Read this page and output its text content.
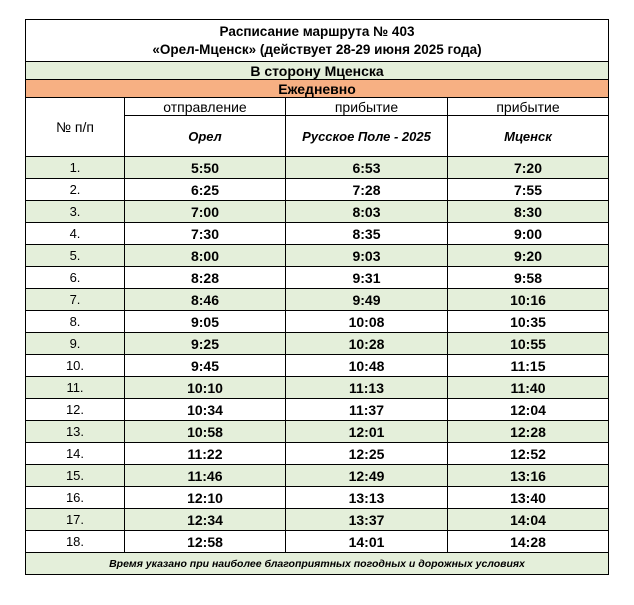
Расписание маршрута № 403
«Орел-Мценск» (действует 28-29 июня 2025 года)			

В сторону Мценска			
Ежедневно			
№ п/п	отправление	прибытие	прибытие
	Орел	Русское Поле - 2025	Мценск
1.	5:50	6:53	7:20
2.	6:25	7:28	7:55
3.	7:00	8:03	8:30
4.	7:30	8:35	9:00
5.	8:00	9:03	9:20
6.	8:28	9:31	9:58
7.	8:46	9:49	10:16
8.	9:05	10:08	10:35
9.	9:25	10:28	10:55
10.	9:45	10:48	11:15
11.	10:10	11:13	11:40
12.	10:34	11:37	12:04
13.	10:58	12:01	12:28
14.	11:22	12:25	12:52
15.	11:46	12:49	13:16
16.	12:10	13:13	13:40
17.	12:34	13:37	14:04
18.	12:58	14:01	14:28
Время указано при наиболее благоприятных погодных и дорожных условиях			
